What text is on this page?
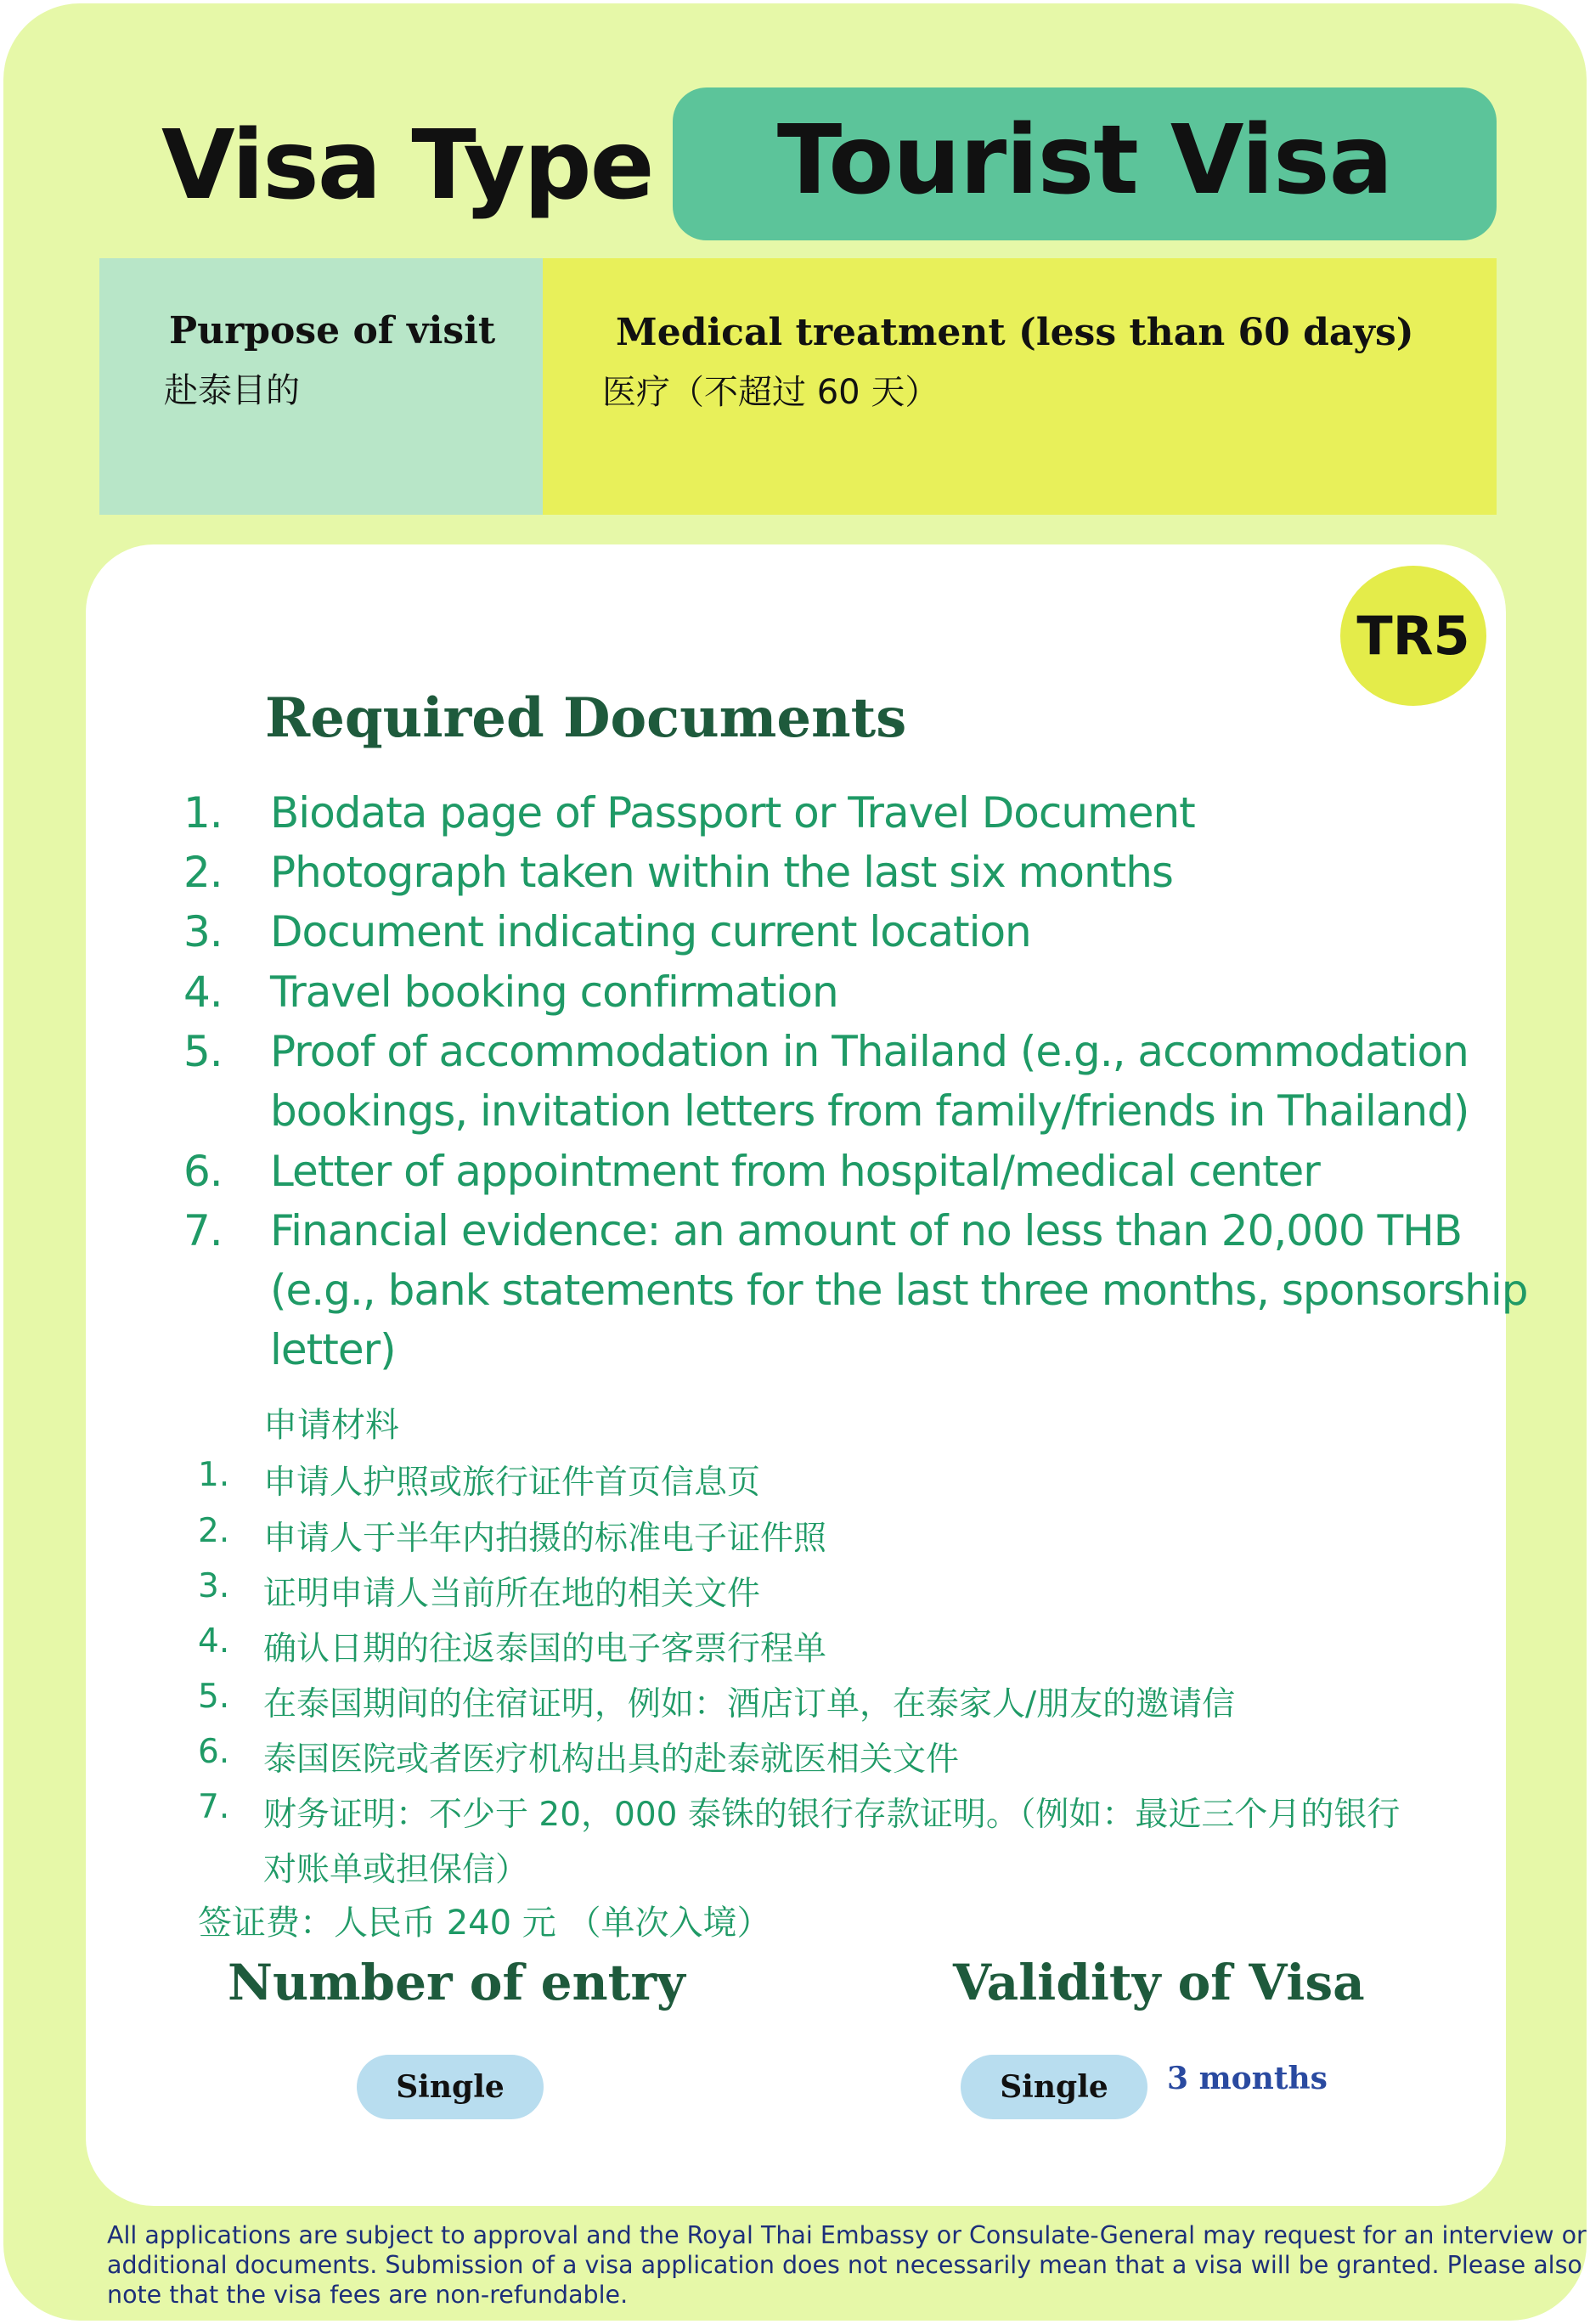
Visa Type	Tourist Visa
Purpose of visit
赴泰目的
Medical treatment (less than 60 days)
医疗（不超过 60 天）
TR5
Required Documents
1. Biodata page of Passport or Travel Document
2. Photograph taken within the last six months
3. Document indicating current location
4. Travel booking confirmation
5. Proof of accommodation in Thailand (e.g., accommodation
bookings, invitation letters from family/friends in Thailand)
6. Letter of appointment from hospital/medical center
7. Financial evidence: an amount of no less than 20,000 THB
(e.g., bank statements for the last three months, sponsorship
letter)
申请材料
1. 申请人护照或旅行证件首页信息页
2. 申请人于半年内拍摄的标准电子证件照
3. 证明申请人当前所在地的相关文件
4. 确认日期的往返泰国的电子客票行程单
5. 在泰国期间的住宿证明，例如：酒店订单，在泰家人/朋友的邀请信
6. 泰国医院或者医疗机构出具的赴泰就医相关文件
7. 财务证明：不少于 20，000 泰铢的银行存款证明。（例如：最近三个月的银行
对账单或担保信）
签证费：人民币 240 元 （单次入境）
Number of entry	Validity of Visa
Single	Single	3 months

All applications are subject to approval and the Royal Thai Embassy or Consulate-General may request for an interview or

additional documents. Submission of a visa application does not necessarily mean that a visa will be granted. Please also

note that the visa fees are non-refundable.
